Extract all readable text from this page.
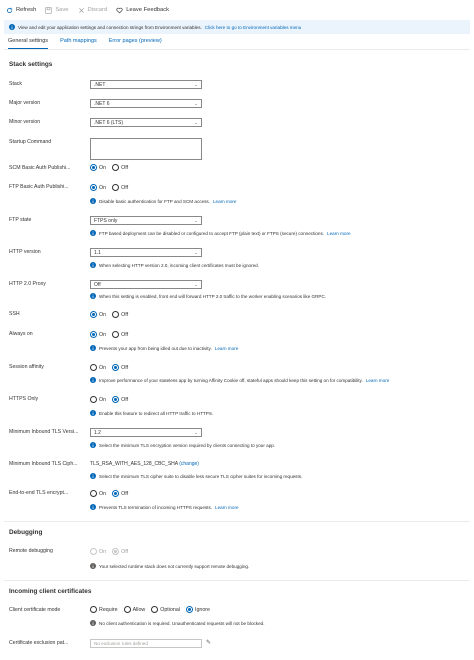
Refresh	Save	Discard	Leave Feedback
i	View and edit your application settings and connection strings from Environment variables. Click here to go to Environment variables menu
General settings Path mappings Error pages (preview)
Stack settings
Stack	.NET	⌄
Major version	.NET 6	⌄
Minor version	.NET 6 (LTS)	⌄
Startup Command
SCM Basic Auth Publishi...	On	Off
FTP Basic Auth Publishi...	On	Off
i	Disable basic authentication for FTP and SCM access. Learn more
FTP state	FTPS only	⌄
i	FTP based deployment can be disabled or configured to accept FTP (plain text) or FTPS (secure) connections. Learn more
HTTP version	1.1	⌄
i	When selecting HTTP version 2.0, incoming client certificates must be ignored.
HTTP 2.0 Proxy	Off	⌄
i	When this setting is enabled, front end will forward HTTP 2.0 traffic to the worker enabling scenarios like GRPC.
SSH	On	Off
Always on	On	Off
i	Prevents your app from being idled out due to inactivity. Learn more
Session affinity	On	Off
i	Improve performance of your stateless app by turning Affinity Cookie off, stateful apps should keep this setting on for compatibility. Learn more
HTTPS Only	On	Off
i	Enable this feature to redirect all HTTP traffic to HTTPS.
Minimum Inbound TLS Versi...	1.2	⌄
i	Select the minimum TLS encryption version required by clients connecting to your app.
Minimum Inbound TLS Ciph... TLS_RSA_WITH_AES_128_CBC_SHA (change)
i	Select the minimum TLS cipher suite to disable less secure TLS cipher suites for incoming requests.
End-to-end TLS encrypt...	On	Off
i	Prevents TLS termination of incoming HTTPS requests. Learn more
Debugging
Remote debugging	On	Off
i	Your selected runtime stack does not currently support remote debugging.
Incoming client certificates
Client certificate mode	Require	Allow	Optional	Ignore
i	No client authentication is required. Unauthenticated requests will not be blocked.
Certificate exclusion pat...	No exclusion rules defined	✎
